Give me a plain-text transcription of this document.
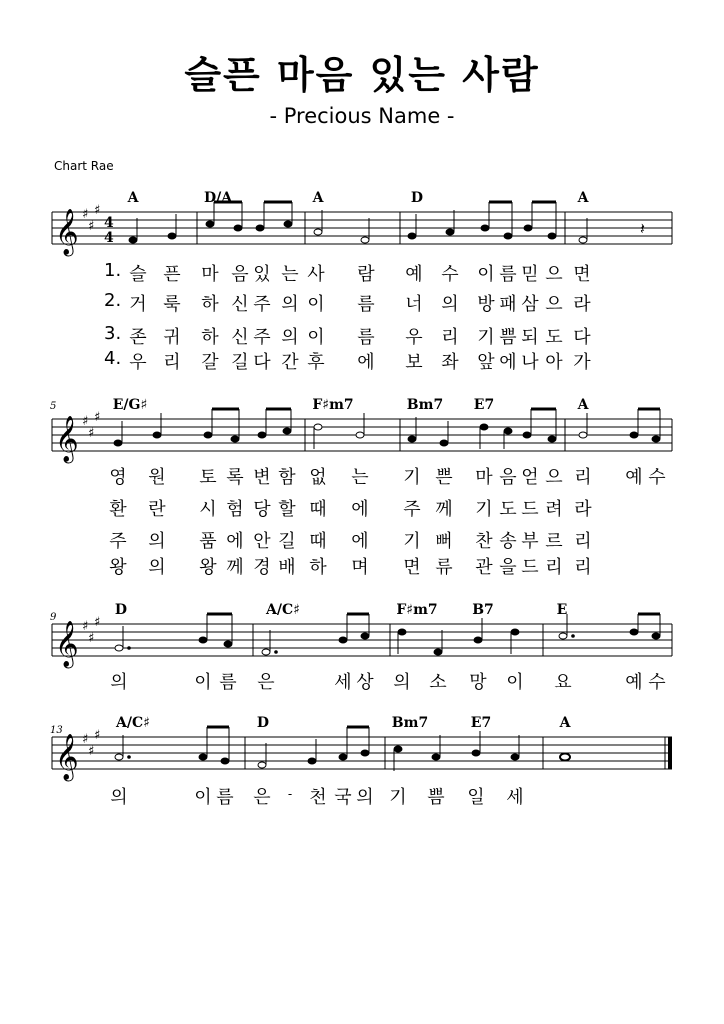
슬픈 마음 있는 사람
- Precious Name -
Chart Rae
𝄞 ♯
♯
♯
4
4	𝄽
A	D/A	A	D	A
1. 슬 픈 마 음 있 는 사 람 예 수 이 름 믿 으 면
2. 거 룩 하 신 주 의 이 름 너 의 방 패 삼 으 라
3. 존 귀 하 신 주 의 이 름 우 리 기 쁨 되 도 다
4. 우 리 갈 길 다 간 후 에 보 좌 앞 에 나 아 가
𝄞 ♯
♯
♯
5	E/G♯	F♯m7	Bm7 E7	A
영 원 토 록 변 함 없 는 기 쁜 마 음 얻 으 리 예 수
환 란 시 험 당 할 때 에 주 께 기 도 드 려 라
주 의 품 에 안 길 때 에 기 뻐 찬 송 부 르 리
왕 의 왕 께 경 배 하 며 면 류 관 을 드 리 리
𝄞 ♯
♯
♯
9	D	A/C♯	F♯m7 B7	E
의	이 름 은	세 상 의 소 망 이 요	예 수
𝄞 ♯
♯
♯
13	A/C♯	D	Bm7	E7	A
의	이 름 은 - 천 국 의 기 쁨 일 세
